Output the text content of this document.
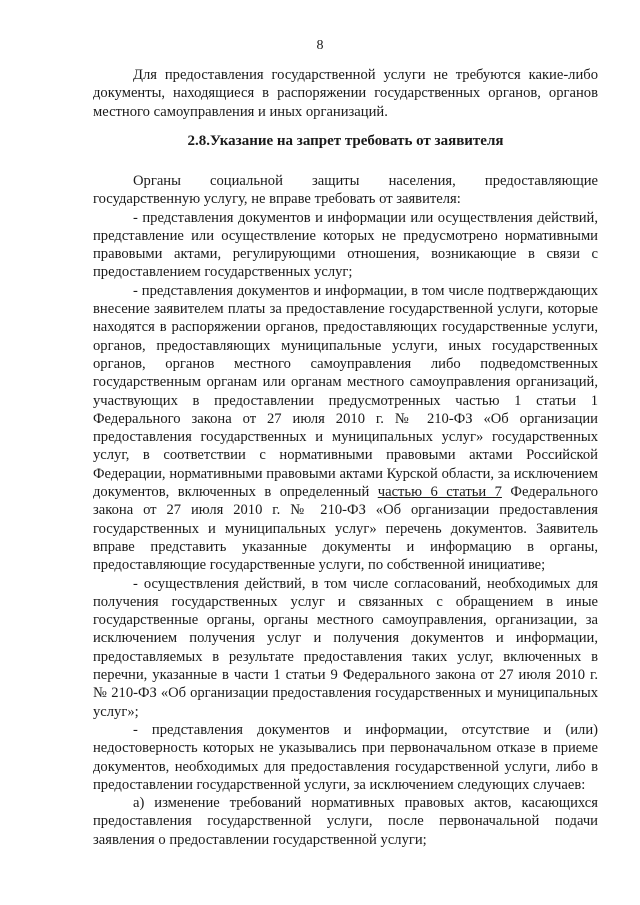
8

Для предоставления государственной услуги не требуются какие-либо документы, находящиеся в распоряжении государственных органов, органов местного самоуправления и иных организаций.

2.8.Указание на запрет требовать от заявителя

Органы социальной защиты населения, предоставляющие государственную услугу, не вправе требовать от заявителя:

- представления документов и информации или осуществления действий, представление или осуществление которых не предусмотрено нормативными правовыми актами, регулирующими отношения, возникающие в связи с предоставлением государственных услуг;

- представления документов и информации, в том числе подтверждающих внесение заявителем платы за предоставление государственной услуги, которые находятся в распоряжении органов, предоставляющих государственные услуги, органов, предоставляющих муниципальные услуги, иных государственных органов, органов местного самоуправления либо подведомственных государственным органам или органам местного самоуправления организаций, участвующих в предоставлении предусмотренных частью 1 статьи 1 Федерального закона от 27 июля 2010 г. № 210-ФЗ «Об организации предоставления государственных и муниципальных услуг» государственных услуг, в соответствии с нормативными правовыми актами Российской Федерации, нормативными правовыми актами Курской области, за исключением документов, включенных в определенный частью 6 статьи 7 Федерального закона от 27 июля 2010 г. № 210-ФЗ «Об организации предоставления государственных и муниципальных услуг» перечень документов. Заявитель вправе представить указанные документы и информацию в органы, предоставляющие государственные услуги, по собственной инициативе;

- осуществления действий, в том числе согласований, необходимых для получения государственных услуг и связанных с обращением в иные государственные органы, органы местного самоуправления, организации, за исключением получения услуг и получения документов и информации, предоставляемых в результате предоставления таких услуг, включенных в перечни, указанные в части 1 статьи 9 Федерального закона от 27 июля 2010 г. № 210-ФЗ «Об организации предоставления государственных и муниципальных услуг»;

- представления документов и информации, отсутствие и (или) недостоверность которых не указывались при первоначальном отказе в приеме документов, необходимых для предоставления государственной услуги, либо в предоставлении государственной услуги, за исключением следующих случаев:

а) изменение требований нормативных правовых актов, касающихся предоставления государственной услуги, после первоначальной подачи заявления о предоставлении государственной услуги;
